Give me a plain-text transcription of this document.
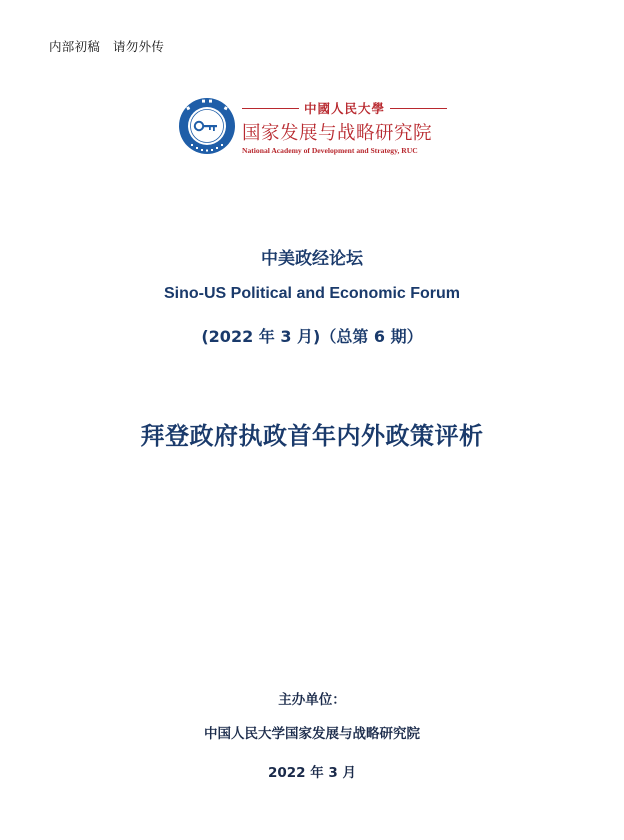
内部初稿　请勿外传
中國人民大學
国家发展与战略研究院
National Academy of Development and Strategy, RUC
中美政经论坛
Sino-US Political and Economic Forum
(2022 年 3 月)（总第 6 期）
拜登政府执政首年内外政策评析
主办单位：
中国人民大学国家发展与战略研究院
2022 年 3 月
